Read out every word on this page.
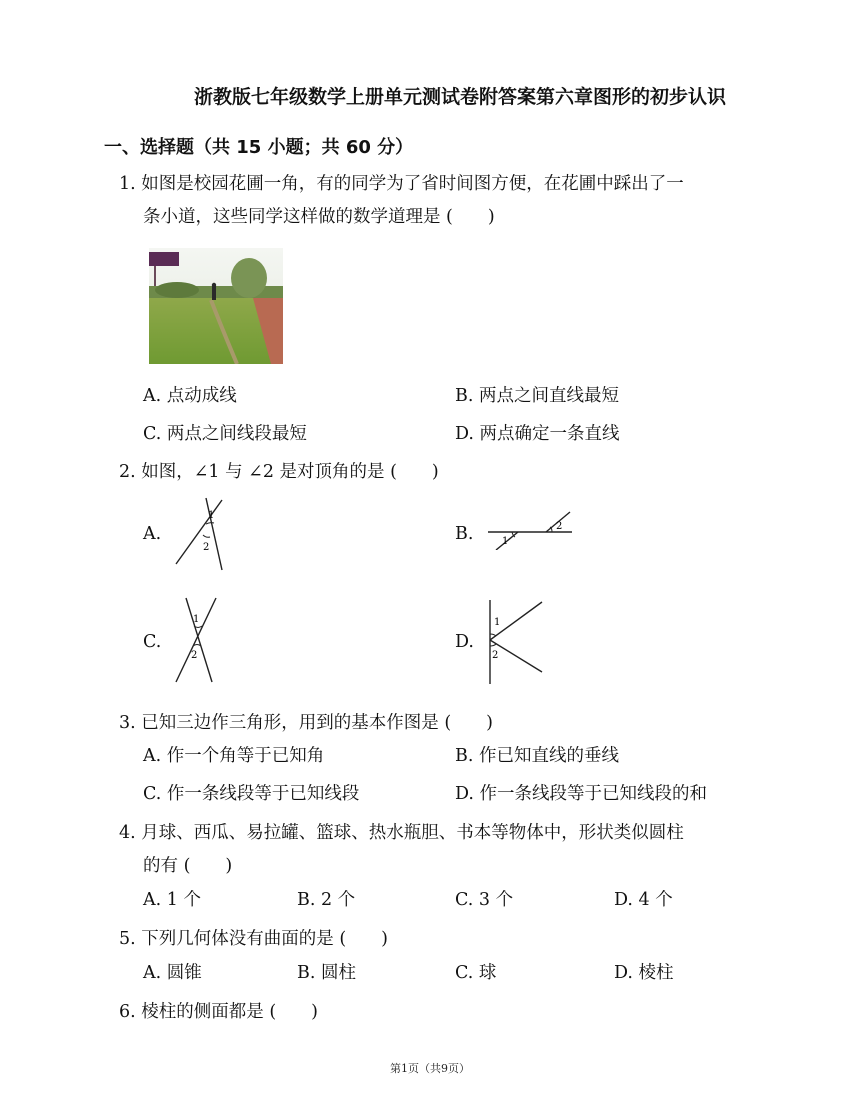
浙教版七年级数学上册单元测试卷附答案第六章图形的初步认识
一、选择题（共 15 小题；共 60 分）
1. 如图是校园花圃一角，有的同学为了省时间图方便，在花圃中踩出了一
条小道，这些同学这样做的数学道理是 (　　)
A. 点动成线	B. 两点之间直线最短
C. 两点之间线段最短	D. 两点确定一条直线
2. 如图，∠1 与 ∠2 是对顶角的是 (　　)
A.
1
2
B.	1
2
C.
1
2
D.
1
2
3. 已知三边作三角形，用到的基本作图是 (　　)
A. 作一个角等于已知角	B. 作已知直线的垂线
C. 作一条线段等于已知线段	D. 作一条线段等于已知线段的和
4. 月球、西瓜、易拉罐、篮球、热水瓶胆、书本等物体中，形状类似圆柱
的有 (　　)
A. 1 个	B. 2 个	C. 3 个	D. 4 个
5. 下列几何体没有曲面的是 (　　)
A. 圆锥	B. 圆柱	C. 球	D. 棱柱
6. 棱柱的侧面都是 (　　)
第1页（共9页）
